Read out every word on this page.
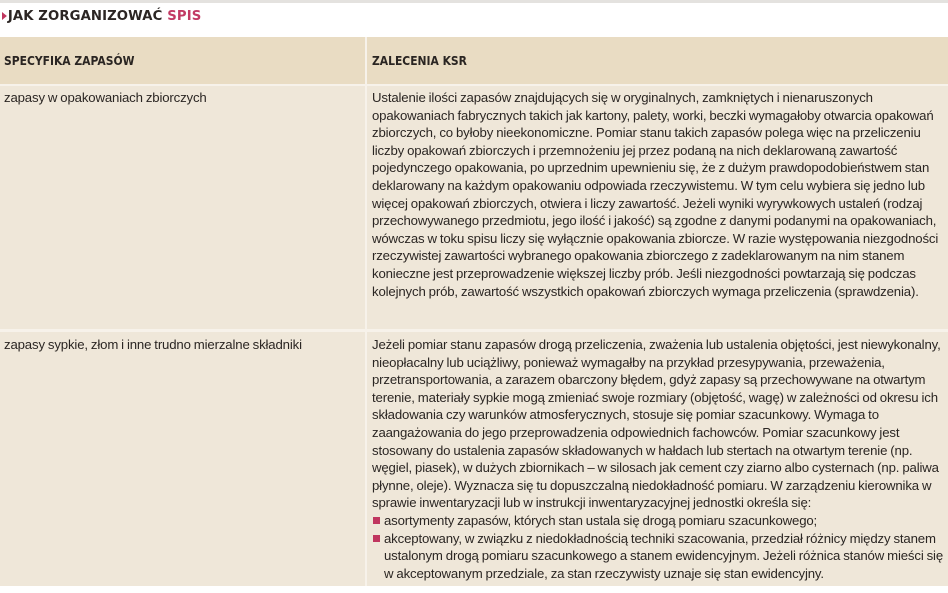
JAK ZORGANIZOWAĆ SPIS
SPECYFIKA ZAPASÓW	ZALECENIA KSR

zapasy w opakowaniach zbiorczych	Ustalenie ilości zapasów znajdujących się w oryginalnych, zamkniętych i nienaruszonych opakowaniach fabrycznych takich jak kartony, palety, worki, beczki wymagałoby otwarcia opakowań zbiorczych, co byłoby nieekonomiczne. Pomiar stanu takich zapasów polega więc na przeliczeniu liczby opakowań zbiorczych i przemnożeniu jej przez podaną na nich deklarowaną zawartość pojedynczego opakowania, po uprzednim upewnieniu się, że z dużym prawdopodobieństwem stan deklarowany na każdym opakowaniu odpowiada rzeczywistemu. W tym celu wybiera się jedno lub więcej opakowań zbiorczych, otwiera i liczy zawartość. Jeżeli wyniki wyrywkowych ustaleń (rodzaj przechowywanego przedmiotu, jego ilość i jakość) są zgodne z danymi podanymi na opakowaniach, wówczas w toku spisu liczy się wyłącznie opakowania zbiorcze. W razie występowania niezgodności rzeczywistej zawartości wybranego opakowania zbiorczego z zadeklarowanym na nim stanem konieczne jest przeprowadzenie większej liczby prób. Jeśli niezgodności powtarzają się podczas kolejnych prób, zawartość wszystkich opakowań zbiorczych wymaga przeliczenia (sprawdzenia).

zapasy sypkie, złom i inne trudno mierzalne składniki	Jeżeli pomiar stanu zapasów drogą przeliczenia, zważenia lub ustalenia objętości, jest niewykonalny, nieopłacalny lub uciążliwy, ponieważ wymagałby na przykład przesypywania, przeważenia, przetransportowania, a zarazem obarczony błędem, gdyż zapasy są przechowywane na otwartym terenie, materiały sypkie mogą zmieniać swoje rozmiary (objętość, wagę) w zależności od okresu ich składowania czy warunków atmosferycznych, stosuje się pomiar szacunkowy. Wymaga to zaangażowania do jego przeprowadzenia odpowiednich fachowców. Pomiar szacunkowy jest stosowany do ustalenia zapasów składowanych w hałdach lub stertach na otwartym terenie (np. węgiel, piasek), w dużych zbiornikach – w silosach jak cement czy ziarno albo cysternach (np. paliwa płynne, oleje). Wyznacza się tu dopuszczalną niedokładność pomiaru. W zarządzeniu kierownika w sprawie inwentaryzacji lub w instrukcji inwentaryzacyjnej jednostki określa się:
asortymenty zapasów, których stan ustala się drogą pomiaru szacunkowego;
akceptowany, w związku z niedokładnością techniki szacowania, przedział różnicy między stanem ustalonym drogą pomiaru szacunkowego a stanem ewidencyjnym. Jeżeli różnica stanów mieści się w akceptowanym przedziale, za stan rzeczywisty uznaje się stan ewidencyjny.
